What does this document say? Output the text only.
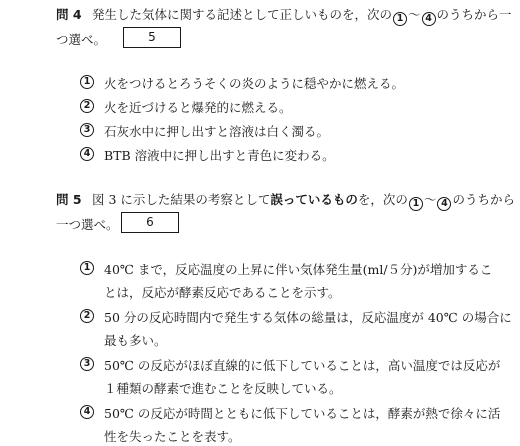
問 4 発生した気体に関する記述として正しいものを，次の 1 ～ 4 のうちから一
つ選べ。	5
1 火をつけるとろうそくの炎のように穏やかに燃える。
2 火を近づけると爆発的に燃える。
3 石灰水中に押し出すと溶液は白く濁る。
4 BTB 溶液中に押し出すと青色に変わる。
問 5 図 3 に示した結果の考察として誤っているものを，次の 1 ～ 4 のうちから
一つ選べ。	6
1 40℃ まで，反応温度の上昇に伴い気体発生量(ml/５分)が増加するこ
とは，反応が酵素反応であることを示す。
2 50 分の反応時間内で発生する気体の総量は，反応温度が 40℃ の場合に
最も多い。
3 50℃ の反応がほぼ直線的に低下していることは，高い温度では反応が
１種類の酵素で進むことを反映している。
4 50℃ の反応が時間とともに低下していることは，酵素が熱で徐々に活
性を失ったことを表す。
